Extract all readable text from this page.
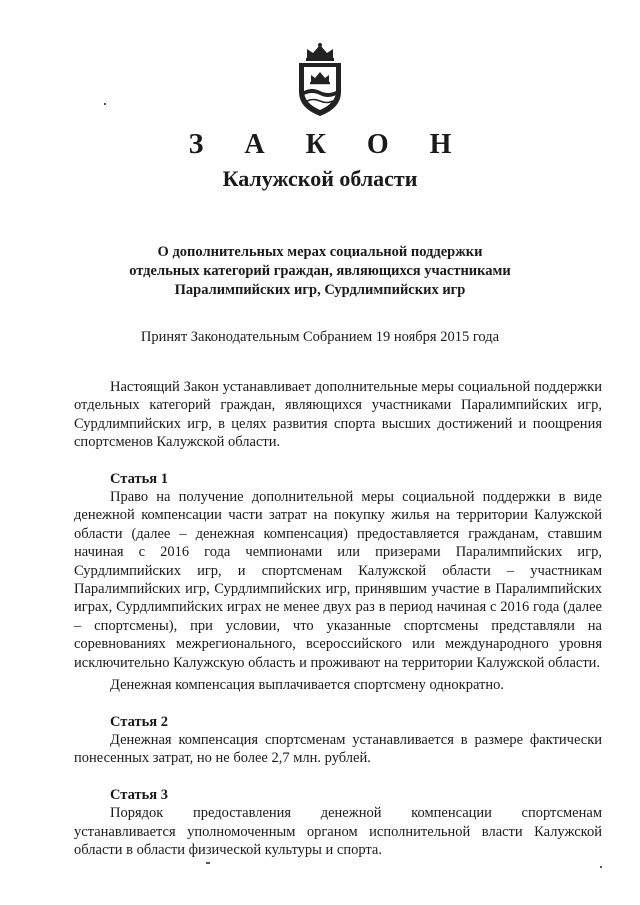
З А К О Н
Калужской области
О дополнительных мерах социальной поддержки
отдельных категорий граждан, являющихся участниками
Паралимпийских игр, Сурдлимпийских игр
Принят Законодательным Собранием 19 ноября 2015 года

Настоящий Закон устанавливает дополнительные меры социальной поддержки отдельных категорий граждан, являющихся участниками Паралимпийских игр, Сурдлимпийских игр, в целях развития спорта высших достижений и поощрения спортсменов Калужской области.

Статья 1

Право на получение дополнительной меры социальной поддержки в виде денежной компенсации части затрат на покупку жилья на территории Калужской области (далее – денежная компенсация) предоставляется гражданам, ставшим начиная с 2016 года чемпионами или призерами Паралимпийских игр, Сурдлимпийских игр, и спортсменам Калужской области – участникам Паралимпийских игр, Сурдлимпийских игр, принявшим участие в Паралимпийских играх, Сурдлимпийских играх не менее двух раз в период начиная с 2016 года (далее – спортсмены), при условии, что указанные спортсмены представляли на соревнованиях межрегионального, всероссийского или международного уровня исключительно Калужскую область и проживают на территории Калужской области.

Денежная компенсация выплачивается спортсмену однократно.

Статья 2

Денежная компенсация спортсменам устанавливается в размере фактически понесенных затрат, но не более 2,7 млн. рублей.

Статья 3

Порядок предоставления денежной компенсации спортсменам устанавливается уполномоченным органом исполнительной власти Калужской области в области физической культуры и спорта.
